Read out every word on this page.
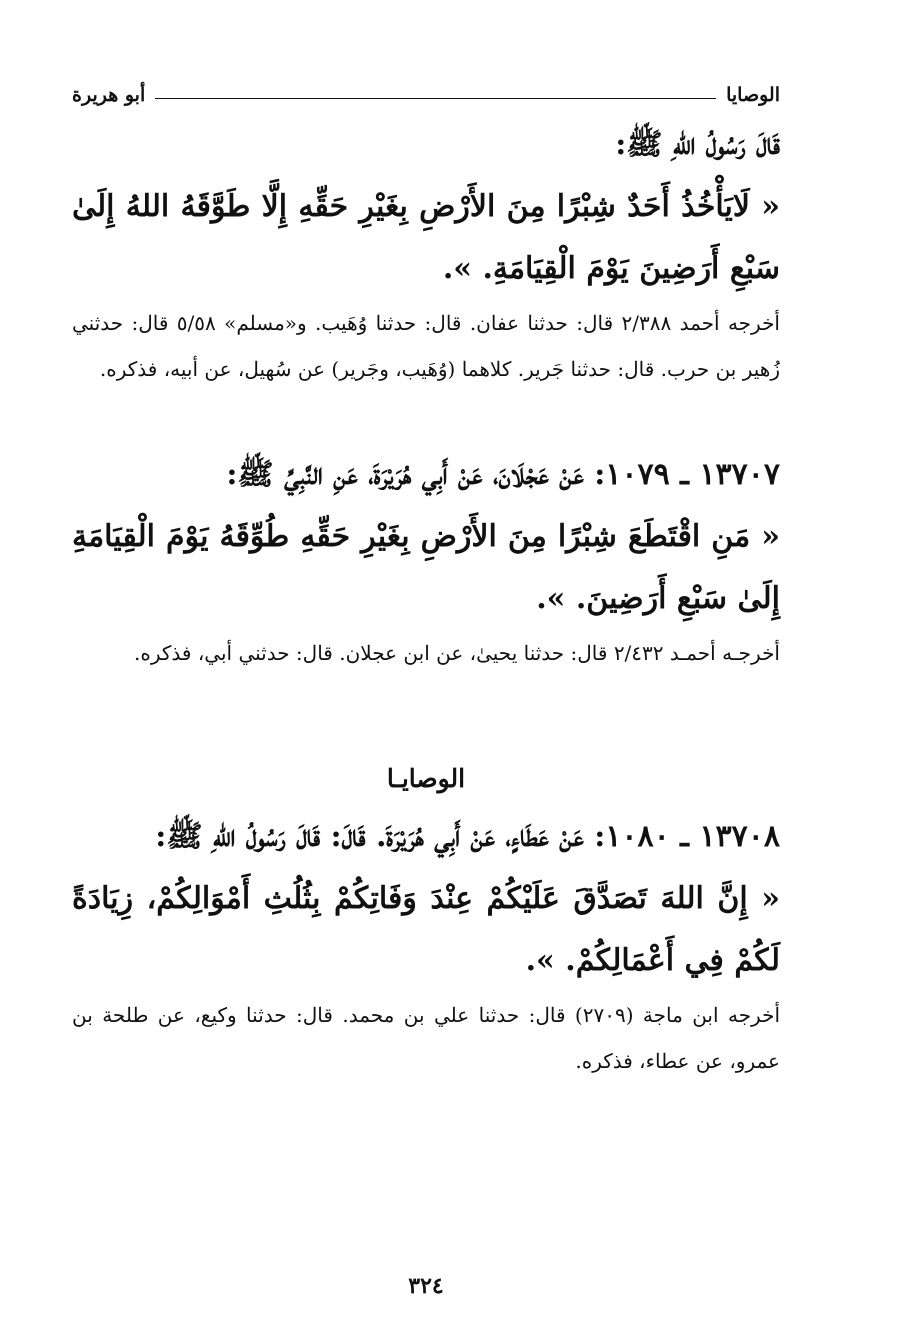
الوصايا
أبو هريرة

قَالَ رَسُولُ اللهِ ﷺ:

« لَايَأْخُذُ أَحَدٌ شِبْرًا مِنَ الأَرْضِ بِغَيْرِ حَقِّهِ إِلَّا طَوَّقَهُ اللهُ إِلَىٰ سَبْعِ أَرَضِينَ يَوْمَ الْقِيَامَةِ. ».

أخرجه أحمد ٢/٣٨٨ قال: حدثنا عفان. قال: حدثنا وُهَيب. و«مسلم» ٥/٥٨ قال: حدثني زُهير بن حرب. قال: حدثنا جَرير. كلاهما (وُهَيب، وجَرير) عن سُهيل، عن أبيه، فذكره.

١٣٧٠٧ ـ ١٠٧٩: عَنْ عَجْلَانَ، عَنْ أَبِي هُرَيْرَةَ، عَنِ النَّبِيِّ ﷺ:

« مَنِ اقْتَطَعَ شِبْرًا مِنَ الأَرْضِ بِغَيْرِ حَقِّهِ طُوِّقَهُ يَوْمَ الْقِيَامَةِ إِلَىٰ سَبْعِ أَرَضِينَ. ».

أخرجـه أحمـد ٢/٤٣٢ قال: حدثنا يحيىٰ، عن ابن عجلان. قال: حدثني أبي، فذكره.

الوصايـا

١٣٧٠٨ ـ ١٠٨٠: عَنْ عَطَاءٍ، عَنْ أَبِي هُرَيْرَةَ. قَالَ: قَالَ رَسُولُ اللهِ ﷺ:

« إِنَّ اللهَ تَصَدَّقَ عَلَيْكُمْ عِنْدَ وَفَاتِكُمْ بِثُلُثِ أَمْوَالِكُمْ، زِيَادَةً لَكُمْ فِي أَعْمَالِكُمْ. ».

أخرجه ابن ماجة (٢٧٠٩) قال: حدثنا علي بن محمد. قال: حدثنا وكيع، عن طلحة بن عمرو، عن عطاء، فذكره.

٣٢٤
